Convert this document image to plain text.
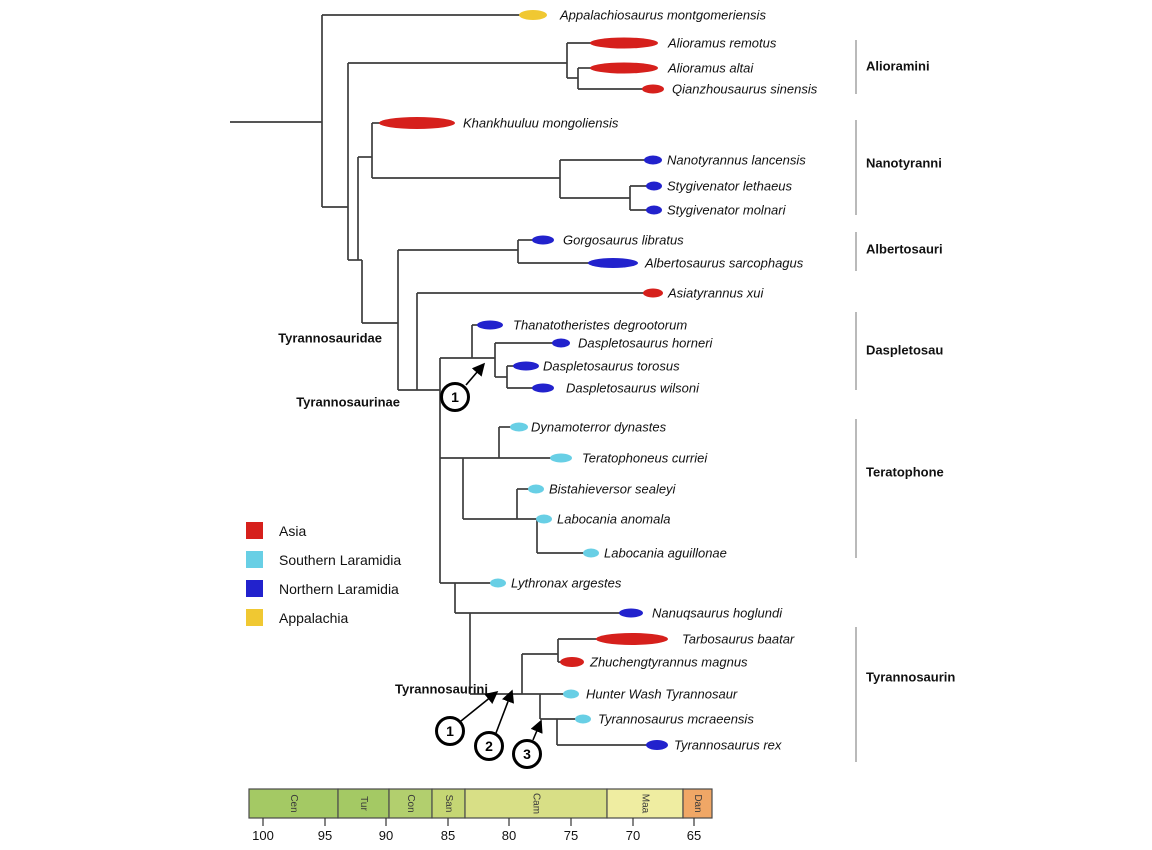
Appalachiosaurus montgomeriensis
Alioramus remotus
Alioramus altai
Qianzhousaurus sinensis
Khankhuuluu mongoliensis
Nanotyrannus lancensis
Stygivenator lethaeus
Stygivenator molnari
Gorgosaurus libratus
Albertosaurus sarcophagus
Asiatyrannus xui
Thanatotheristes degrootorum
Daspletosaurus horneri
Daspletosaurus torosus
Daspletosaurus wilsoni
Dynamoterror dynastes
Teratophoneus curriei
Bistahieversor sealeyi
Labocania anomala
Labocania aguillonae
Lythronax argestes
Nanuqsaurus hoglundi
Tarbosaurus baatar
Zhuchengtyrannus magnus
Hunter Wash Tyrannosaur
Tyrannosaurus mcraeensis
Tyrannosaurus rex
Cen	Tur	Con	San	Cam	Maa	Dan
100	95	90	85	80	75	70	65
Tyrannosauridae
Tyrannosaurinae
Tyrannosaurini
Alioramini
Nanotyranni
Albertosauri
Daspletosau
Teratophone
Tyrannosaurin
1
1
2	3
Asia
Southern Laramidia
Northern Laramidia
Appalachia
